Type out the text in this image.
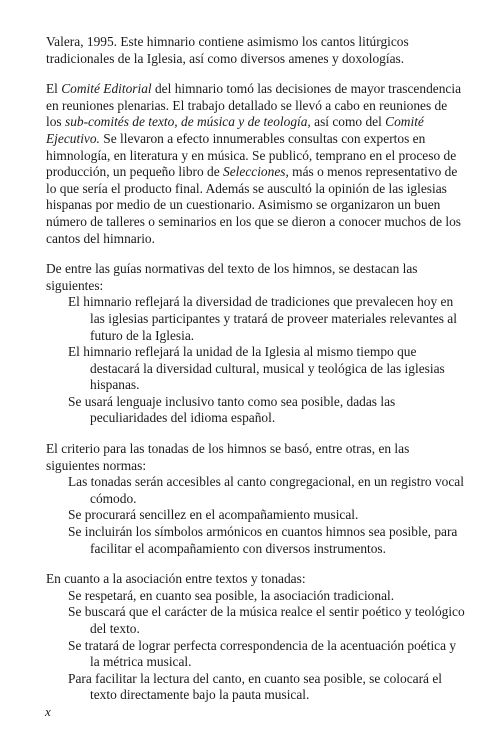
Valera, 1995. Este himnario contiene asimismo los cantos litúrgicos tradicionales de la Iglesia, así como diversos amenes y doxologías.

El Comité Editorial del himnario tomó las decisiones de mayor trascendencia en reuniones plenarias. El trabajo detallado se llevó a cabo en reuniones de los sub-comités de texto, de música y de teología, así como del Comité Ejecutivo. Se llevaron a efecto innumerables consultas con expertos en himnología, en literatura y en música. Se publicó, temprano en el proceso de producción, un pequeño libro de Selecciones, más o menos representativo de lo que sería el producto final. Además se auscultó la opinión de las iglesias hispanas por medio de un cuestionario. Asimismo se organizaron un buen número de talleres o seminarios en los que se dieron a conocer muchos de los cantos del himnario.

De entre las guías normativas del texto de los himnos, se destacan las siguientes:

El himnario reflejará la diversidad de tradiciones que prevalecen hoy en las iglesias participantes y tratará de proveer materiales relevantes al futuro de la Iglesia.

El himnario reflejará la unidad de la Iglesia al mismo tiempo que destacará la diversidad cultural, musical y teológica de las iglesias hispanas.

Se usará lenguaje inclusivo tanto como sea posible, dadas las peculiaridades del idioma español.

El criterio para las tonadas de los himnos se basó, entre otras, en las siguientes normas:

Las tonadas serán accesibles al canto congregacional, en un registro vocal cómodo.

Se procurará sencillez en el acompañamiento musical.

Se incluirán los símbolos armónicos en cuantos himnos sea posible, para facilitar el acompañamiento con diversos instrumentos.

En cuanto a la asociación entre textos y tonadas:

Se respetará, en cuanto sea posible, la asociación tradicional.

Se buscará que el carácter de la música realce el sentir poético y teológico del texto.

Se tratará de lograr perfecta correspondencia de la acentuación poética y la métrica musical.

Para facilitar la lectura del canto, en cuanto sea posible, se colocará el texto directamente bajo la pauta musical.

x
